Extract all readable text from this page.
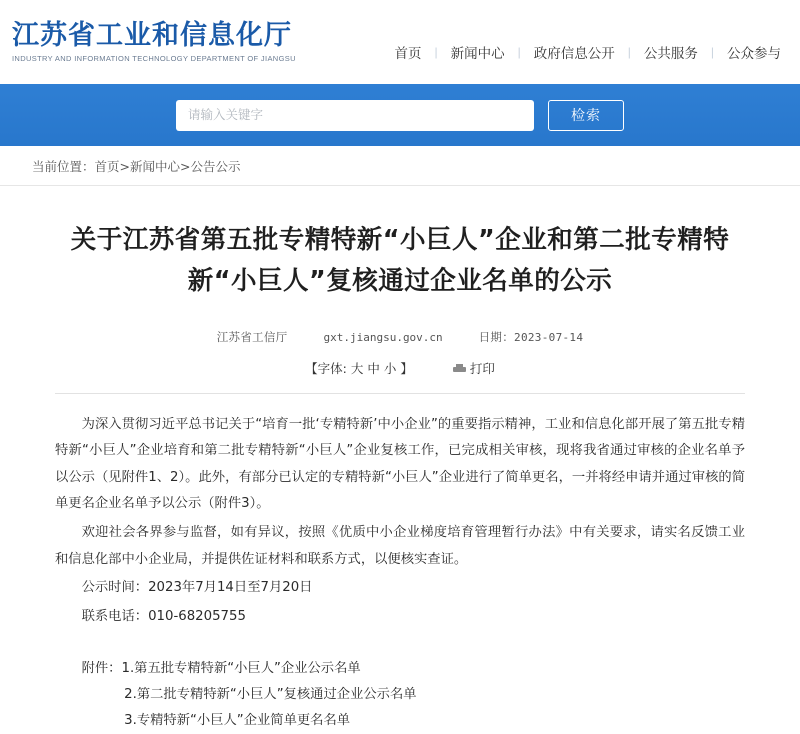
江苏省工业和信息化厅
INDUSTRY AND INFORMATION TECHNOLOGY DEPARTMENT OF JIANGSU	首页	| 新闻中心	| 政府信息公开	| 公共服务	| 公众参与
请输入关键字
检索
当前位置：首页>新闻中心>公告公示
关于江苏省第五批专精特新“小巨人”企业和第二批专精特新“小巨人”复核通过企业名单的公示
江苏省工信厅	gxt.jiangsu.gov.cn	日期：2023-07-14
【字体: 大 中 小 】	打印

为深入贯彻习近平总书记关于“培育一批‘专精特新’中小企业”的重要指示精神，工业和信息化部开展了第五批专精特新“小巨人”企业培育和第二批专精特新“小巨人”企业复核工作，已完成相关审核，现将我省通过审核的企业名单予以公示（见附件1、2）。此外，有部分已认定的专精特新“小巨人”企业进行了简单更名，一并将经申请并通过审核的简单更名企业名单予以公示（附件3）。

欢迎社会各界参与监督，如有异议，按照《优质中小企业梯度培育管理暂行办法》中有关要求，请实名反馈工业和信息化部中小企业局，并提供佐证材料和联系方式，以便核实查证。

公示时间：2023年7月14日至7月20日

联系电话：010-68205755

附件：1.第五批专精特新“小巨人”企业公示名单
2.第二批专精特新“小巨人”复核通过企业公示名单
3.专精特新“小巨人”企业简单更名名单
